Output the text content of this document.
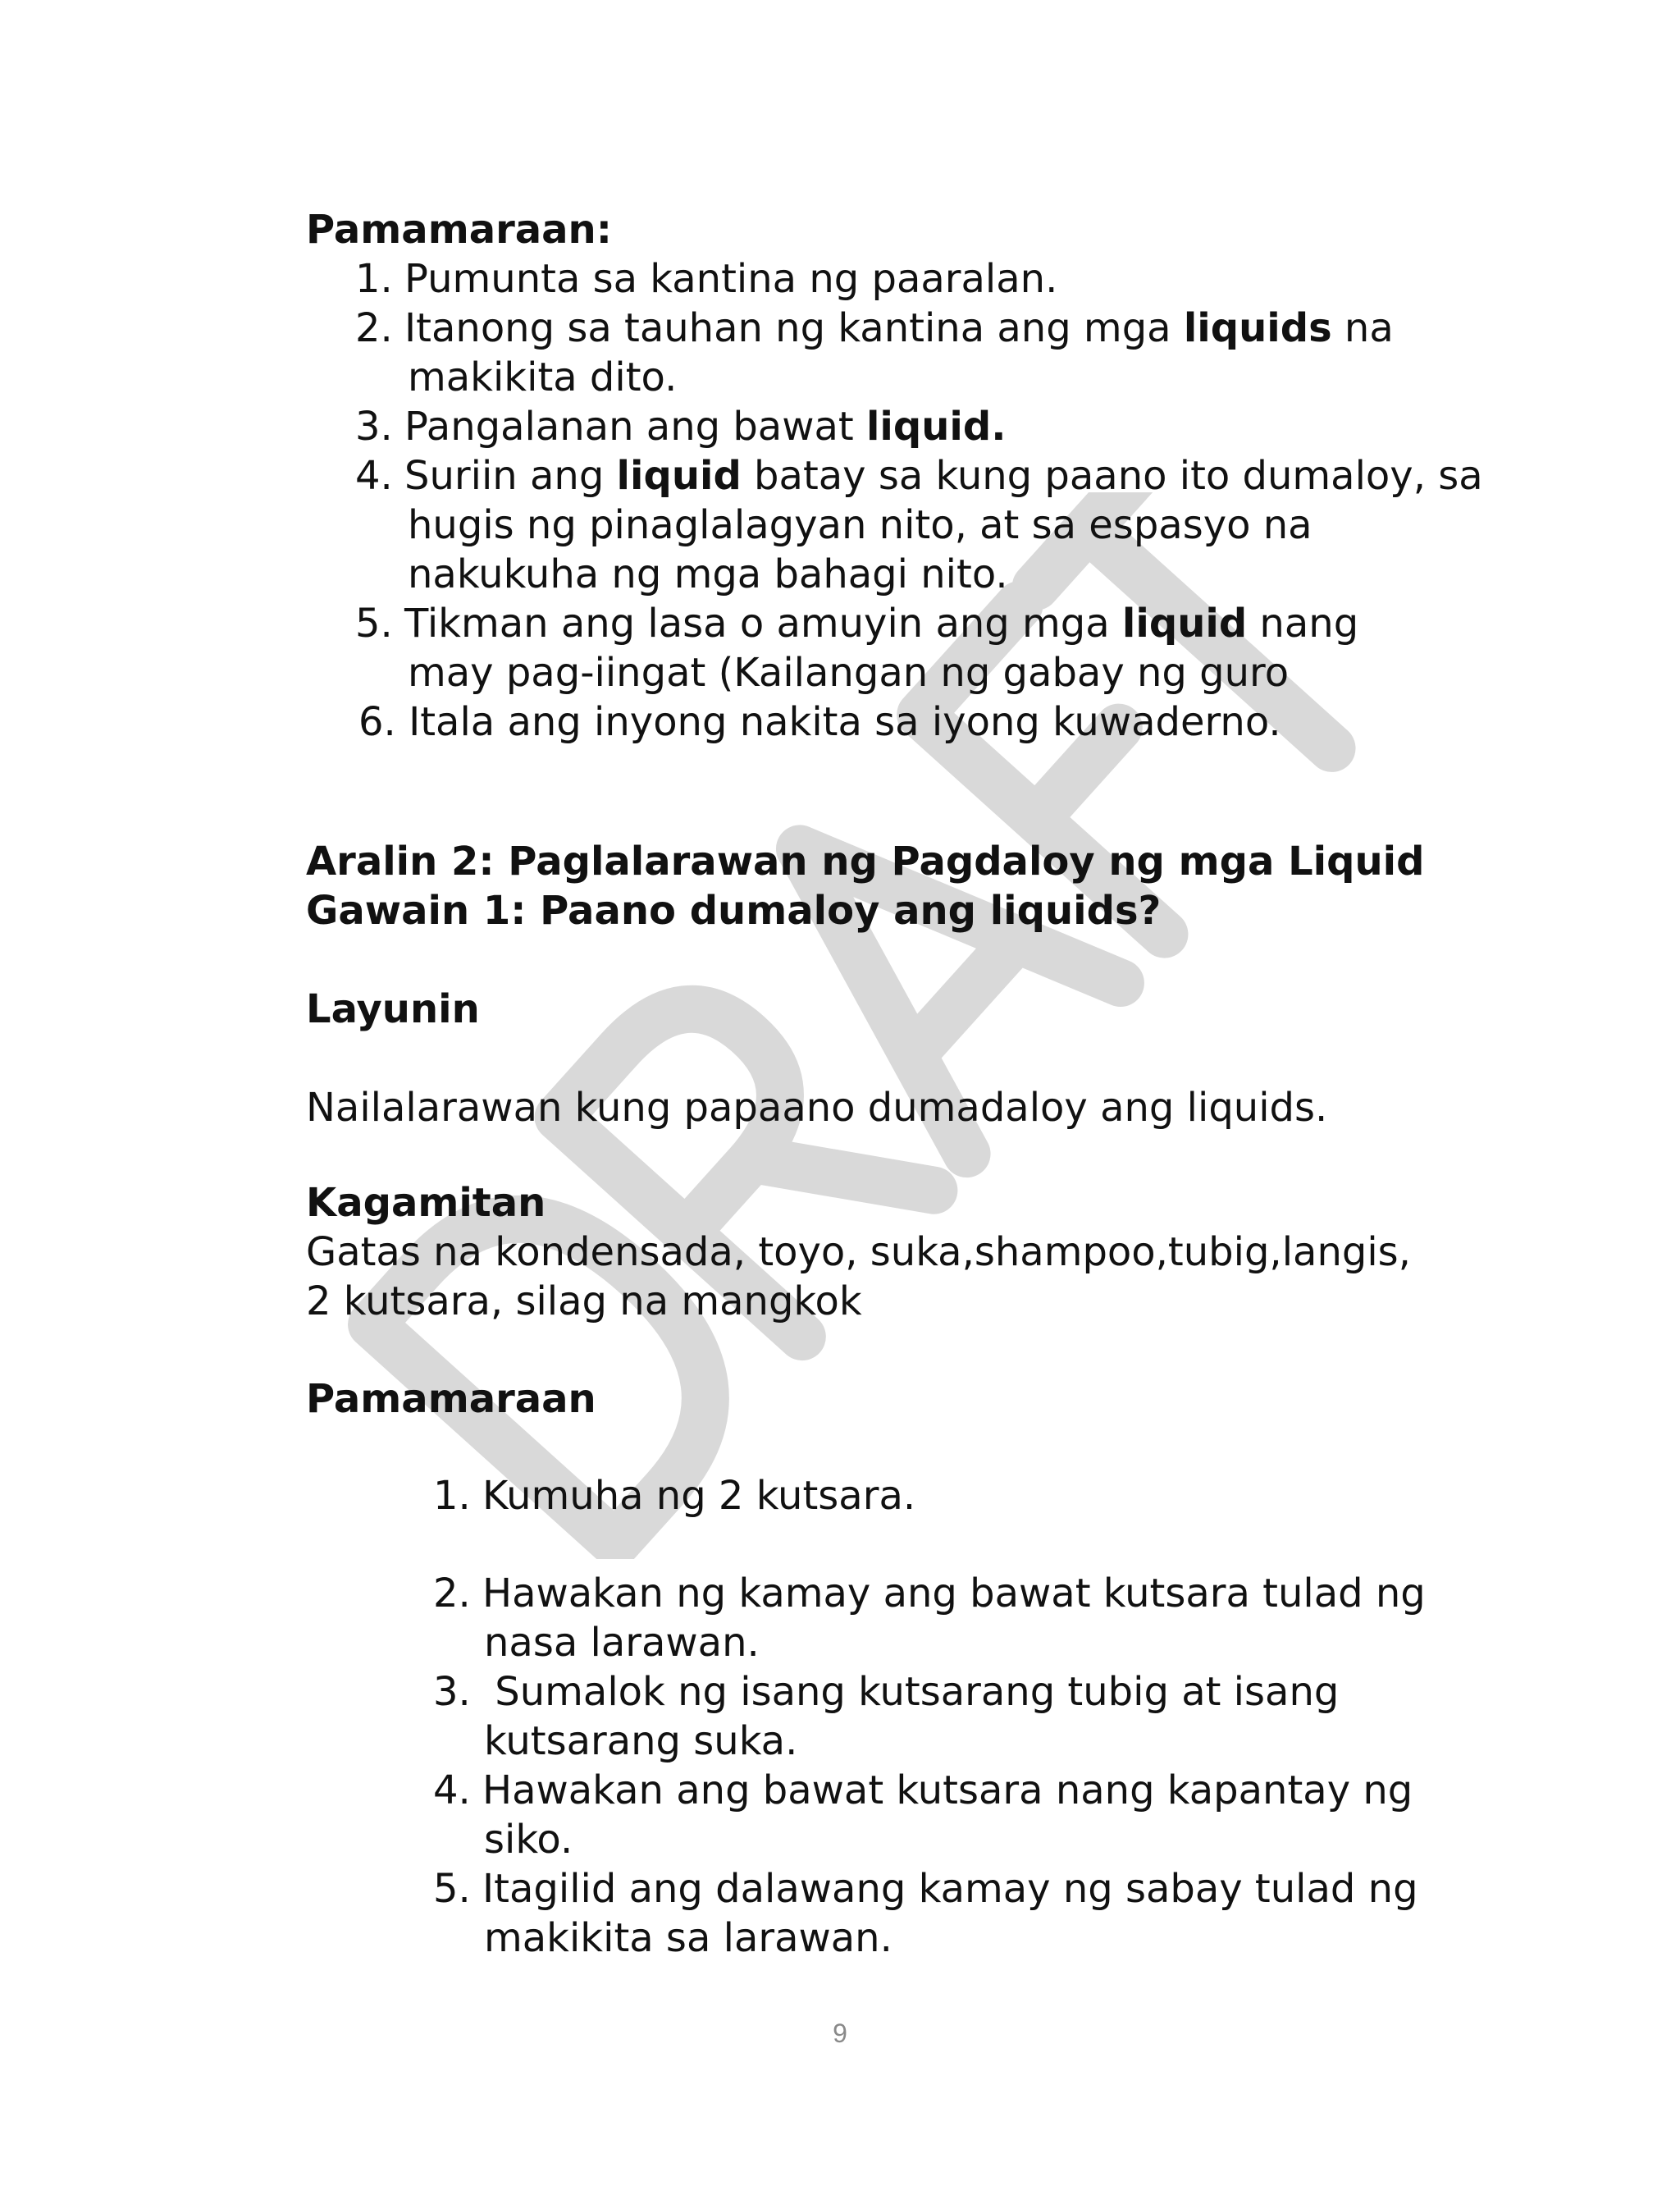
Pamamaraan:

1. Pumunta sa kantina ng paaralan.

2. Itanong sa tauhan ng kantina ang mga liquids na

makikita dito.

3. Pangalanan ang bawat liquid.

4. Suriin ang liquid batay sa kung paano ito dumaloy, sa

hugis ng pinaglalagyan nito, at sa espasyo na

nakukuha ng mga bahagi nito.

5. Tikman ang lasa o amuyin ang mga liquid nang

may pag-iingat (Kailangan ng gabay ng guro

6. Itala ang inyong nakita sa iyong kuwaderno.

Aralin 2: Paglalarawan ng Pagdaloy ng mga Liquid

Gawain 1: Paano dumaloy ang liquids?

Layunin

Nailalarawan kung papaano dumadaloy ang liquids.

Kagamitan

Gatas na kondensada, toyo, suka,shampoo,tubig,langis,

2 kutsara, silag na mangkok

Pamamaraan

1. Kumuha ng 2 kutsara.

2. Hawakan ng kamay ang bawat kutsara tulad ng

nasa larawan.

3. Sumalok ng isang kutsarang tubig at isang

kutsarang suka.

4. Hawakan ang bawat kutsara nang kapantay ng

siko.

5. Itagilid ang dalawang kamay ng sabay tulad ng

makikita sa larawan.

9
